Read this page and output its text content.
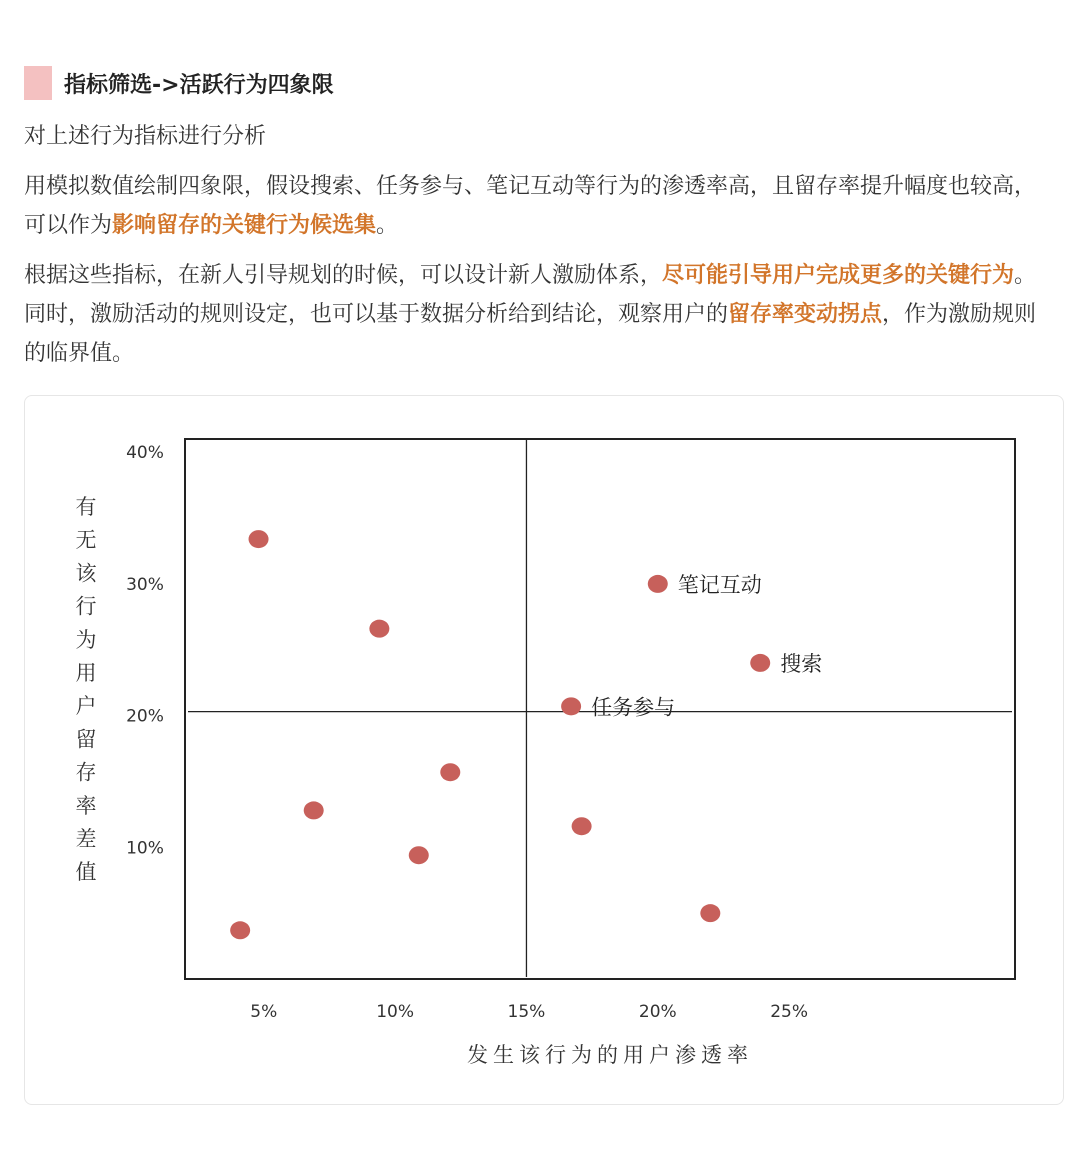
指标筛选->活跃行为四象限

对上述行为指标进行分析

用模拟数值绘制四象限，假设搜索、任务参与、笔记互动等行为的渗透率高，且留存率提升幅度也较高，可以作为影响留存的关键行为候选集。

根据这些指标，在新人引导规划的时候，可以设计新人激励体系，尽可能引导用户完成更多的关键行为。同时，激励活动的规则设定，也可以基于数据分析给到结论，观察用户的留存率变动拐点，作为激励规则的临界值。

5%	10%	15%	20%	25%
10%
20%
30%
40%
笔记互动
搜索
任务参与
发生该行为的用户渗透率
有
无
该
行
为
用
户
留
存
率
差
值
